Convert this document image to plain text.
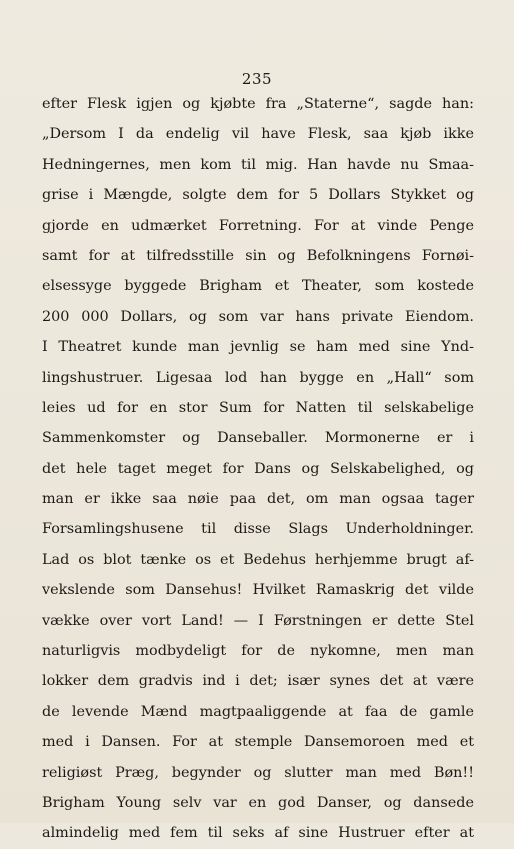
235
efter Flesk igjen og kjøbte fra „Staterne“, sagde han:
„Dersom I da endelig vil have Flesk, saa kjøb ikke
Hedningernes, men kom til mig. Han havde nu Smaa-
grise i Mængde, solgte dem for 5 Dollars Stykket og
gjorde en udmærket Forretning. For at vinde Penge
samt for at tilfredsstille sin og Befolkningens Fornøi-
elsessyge byggede Brigham et Theater, som kostede
200 000 Dollars, og som var hans private Eiendom.
I Theatret kunde man jevnlig se ham med sine Ynd-
lingshustruer. Ligesaa lod han bygge en „Hall“ som
leies ud for en stor Sum for Natten til selskabelige
Sammenkomster og Danseballer. Mormonerne er i
det hele taget meget for Dans og Selskabelighed, og
man er ikke saa nøie paa det, om man ogsaa tager
Forsamlingshusene til disse Slags Underholdninger.
Lad os blot tænke os et Bedehus herhjemme brugt af-
vekslende som Dansehus! Hvilket Ramaskrig det vilde
vække over vort Land! — I Førstningen er dette Stel
naturligvis modbydeligt for de nykomne, men man
lokker dem gradvis ind i det; især synes det at være
de levende Mænd magtpaaliggende at faa de gamle
med i Dansen. For at stemple Dansemoroen med et
religiøst Præg, begynder og slutter man med Bøn!!
Brigham Young selv var en god Danser, og dansede
almindelig med fem til seks af sine Hustruer efter at
